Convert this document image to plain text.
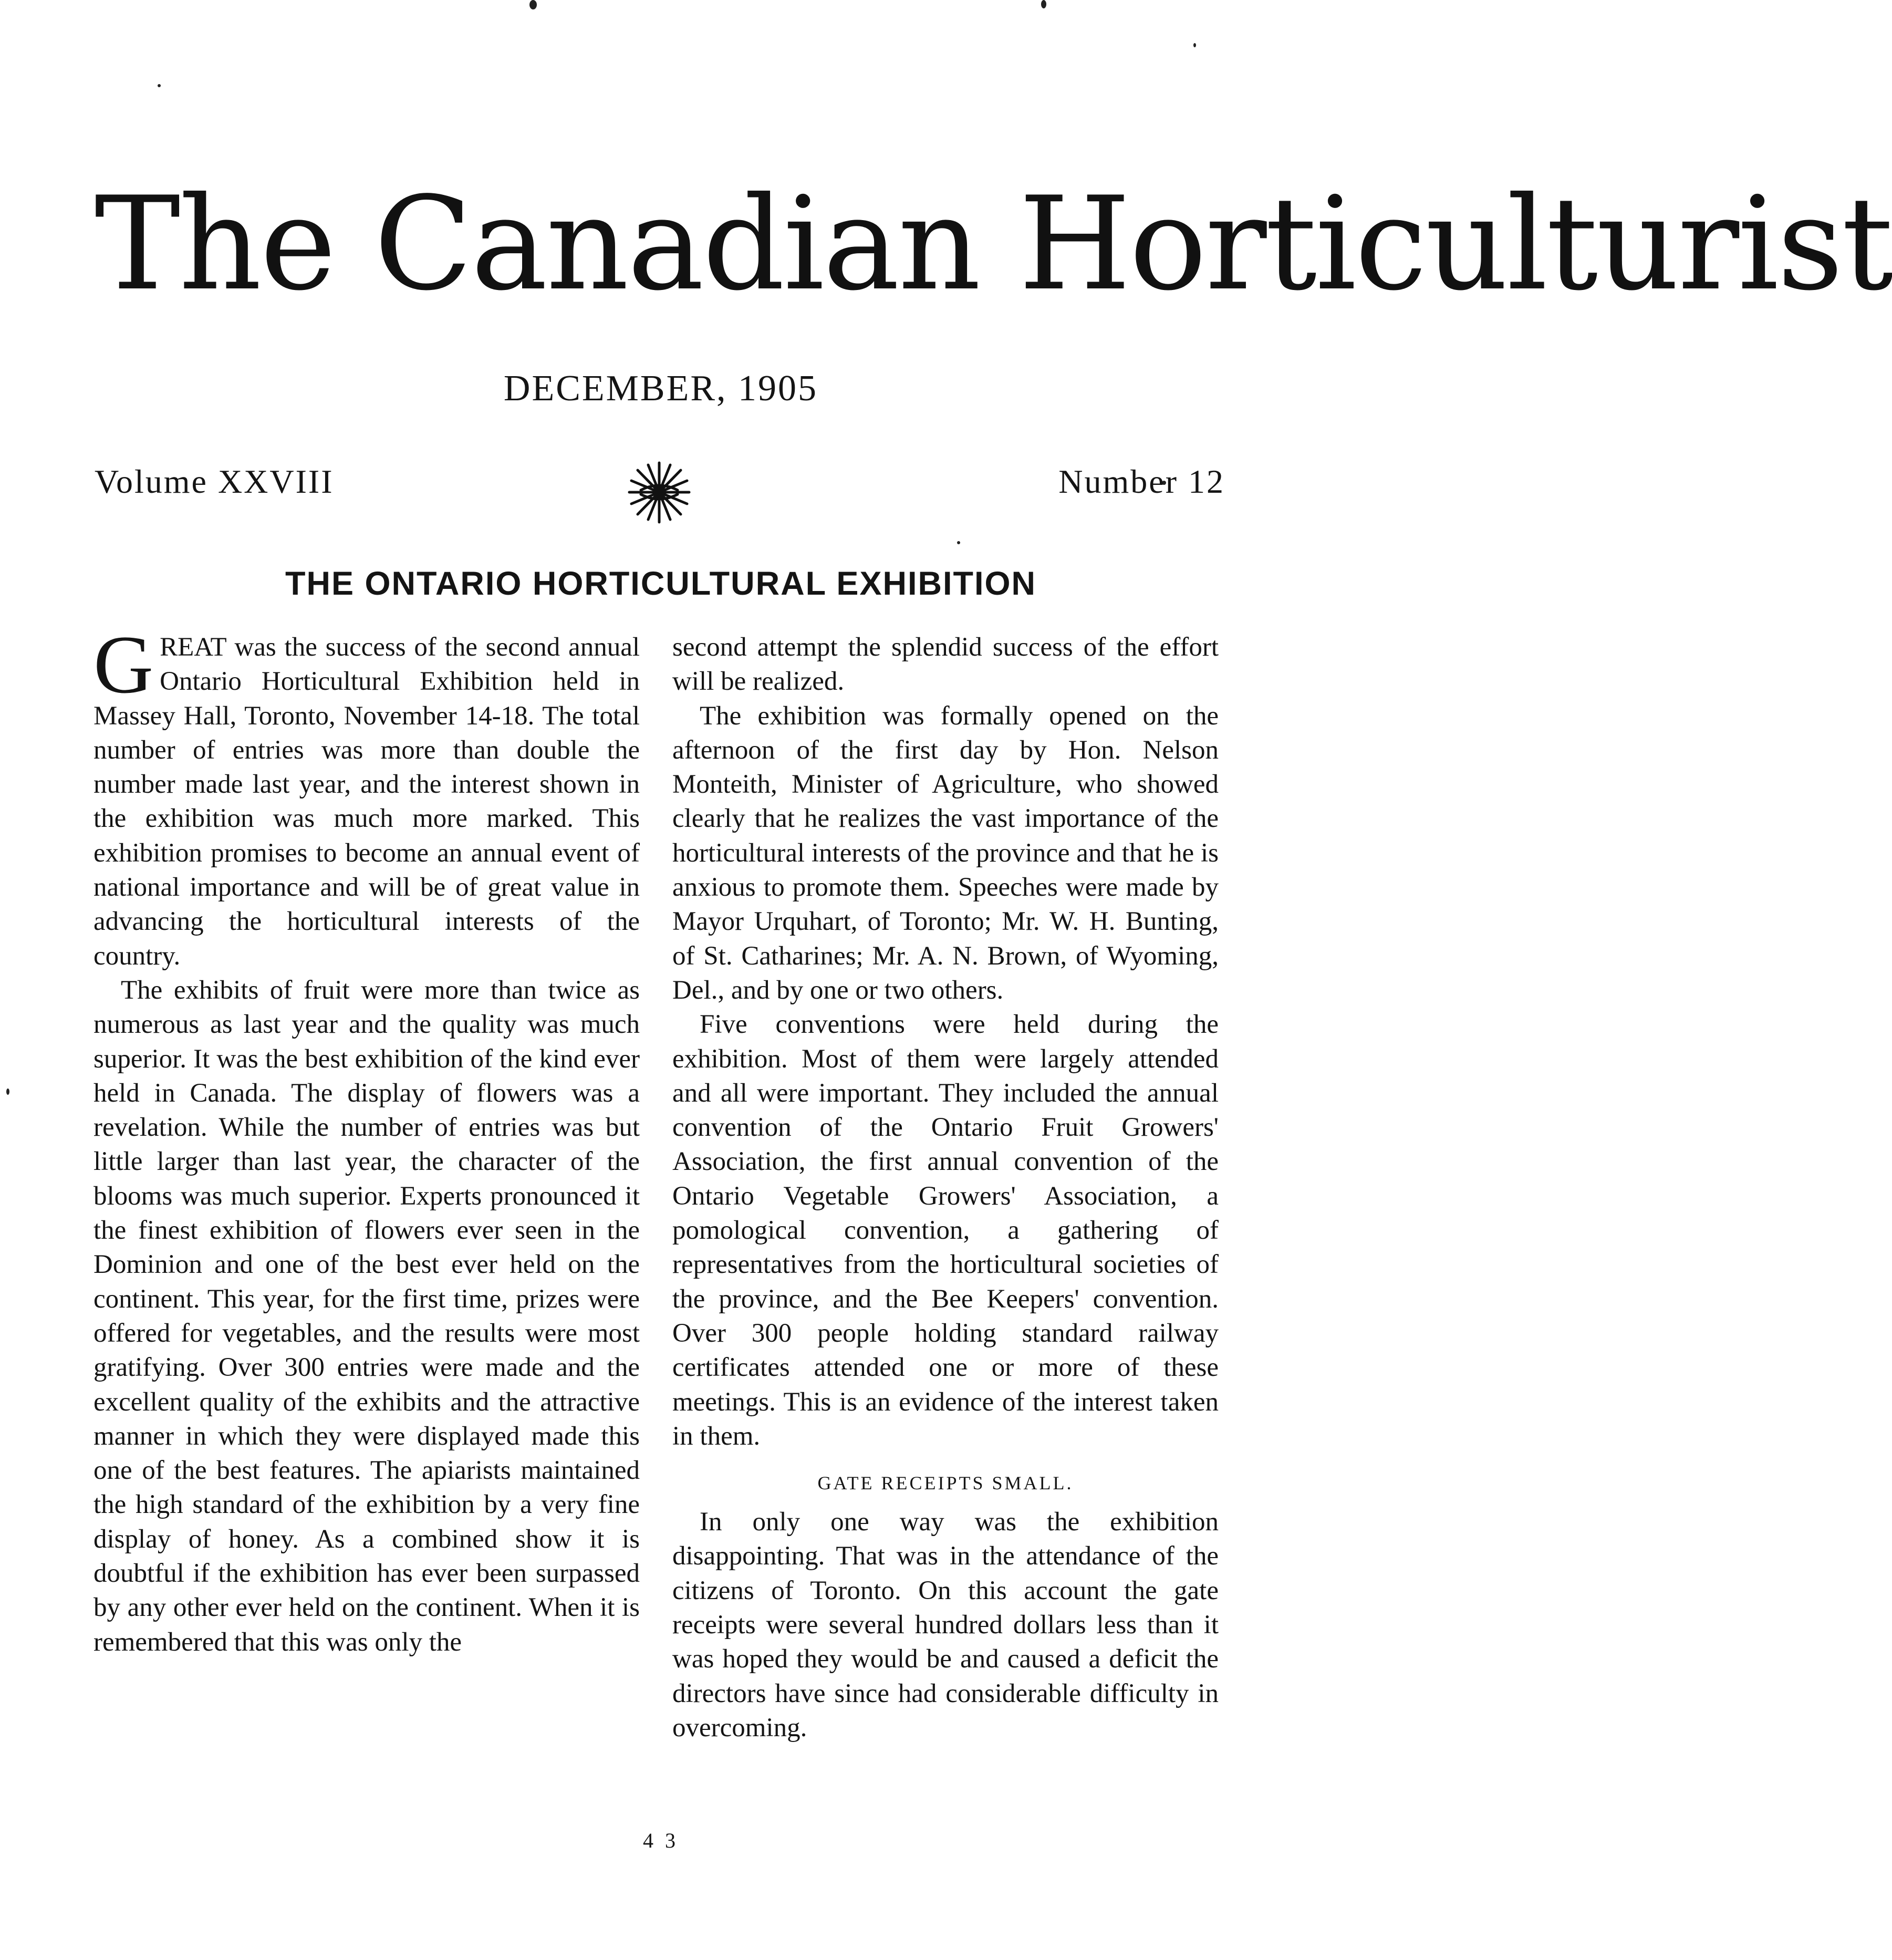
The Canadian Horticulturist
DECEMBER, 1905
Volume XXVIII	Number 12
THE ONTARIO HORTICULTURAL EXHIBITION

GREAT was the success of the second annual Ontario Horticultural Exhibition held in Massey Hall, Toronto, November 14-18. The total number of entries was more than double the number made last year, and the interest shown in the exhibition was much more marked. This exhibition promises to become an annual event of national importance and will be of great value in advancing the horticultural interests of the country.

The exhibits of fruit were more than twice as numerous as last year and the quality was much superior. It was the best exhibition of the kind ever held in Canada. The display of flowers was a revelation. While the number of entries was but little larger than last year, the character of the blooms was much superior. Experts pronounced it the finest exhibition of flowers ever seen in the Dominion and one of the best ever held on the continent. This year, for the first time, prizes were offered for vegetables, and the results were most gratifying. Over 300 entries were made and the excellent quality of the exhibits and the attractive manner in which they were displayed made this one of the best features. The apiarists maintained the high standard of the exhibition by a very fine display of honey. As a combined show it is doubtful if the exhibition has ever been surpassed by any other ever held on the continent. When it is remembered that this was only the

second attempt the splendid success of the effort will be realized.

The exhibition was formally opened on the afternoon of the first day by Hon. Nelson Monteith, Minister of Agriculture, who showed clearly that he realizes the vast importance of the horticultural interests of the province and that he is anxious to promote them. Speeches were made by Mayor Urquhart, of Toronto; Mr. W. H. Bunting, of St. Catharines; Mr. A. N. Brown, of Wyoming, Del., and by one or two others.

Five conventions were held during the exhibition. Most of them were largely attended and all were important. They included the annual convention of the Ontario Fruit Growers' Association, the first annual convention of the Ontario Vegetable Growers' Association, a pomological convention, a gathering of representatives from the horticultural societies of the province, and the Bee Keepers' convention. Over 300 people holding standard railway certificates attended one or more of these meetings. This is an evidence of the interest taken in them.

GATE RECEIPTS SMALL.

In only one way was the exhibition disappointing. That was in the attendance of the citizens of Toronto. On this account the gate receipts were several hundred dollars less than it was hoped they would be and caused a deficit the directors have since had considerable difficulty in overcoming.

4 3
